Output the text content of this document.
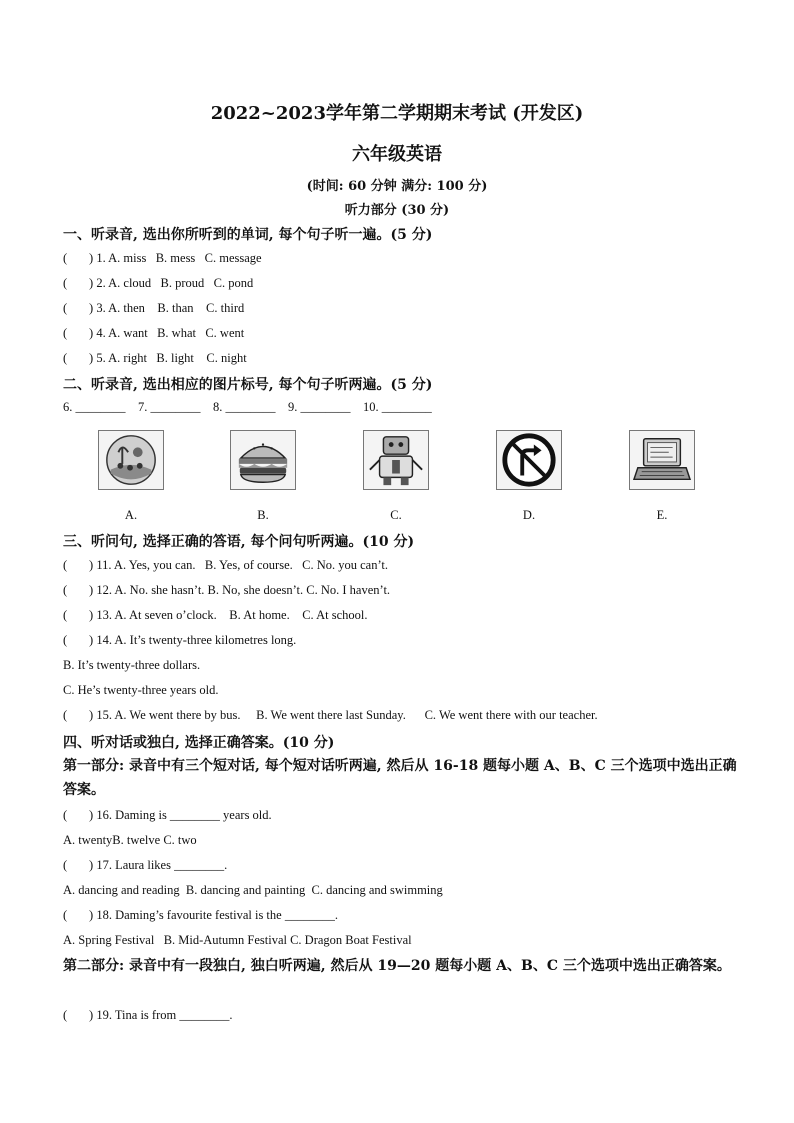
2022~2023学年第二学期期末考试 (开发区)
六年级英语
(时间: 60 分钟 满分: 100 分)
听力部分 (30 分)
一、听录音, 选出你所听到的单词, 每个句子听一遍。(5 分)
(       ) 1. A. miss   B. mess   C. message
(       ) 2. A. cloud   B. proud   C. pond
(       ) 3. A. then    B. than    C. third
(       ) 4. A. want   B. what   C. went
(       ) 5. A. right   B. light    C. night
二、听录音, 选出相应的图片标号, 每个句子听两遍。(5 分)
6. ________    7. ________    8. ________    9. ________    10. ________
A.	B.	C.	D.	E.
三、听问句, 选择正确的答语, 每个问句听两遍。(10 分)
(       ) 11. A. Yes, you can.   B. Yes, of course.   C. No. you can’t.
(       ) 12. A. No. she hasn’t. B. No, she doesn’t. C. No. I haven’t.
(       ) 13. A. At seven o’clock.    B. At home.    C. At school.
(       ) 14. A. It’s twenty-three kilometres long.
B. It’s twenty-three dollars.
C. He’s twenty-three years old.
(       ) 15. A. We went there by bus.     B. We went there last Sunday.      C. We went there with our teacher.
四、听对话或独白, 选择正确答案。(10 分)
第一部分: 录音中有三个短对话, 每个短对话听两遍, 然后从 16-18 题每小题 A、B、C 三个选项中选出正确答案。
(       ) 16. Daming is ________ years old.
A. twentyB. twelve C. two
(       ) 17. Laura likes ________.
A. dancing and reading  B. dancing and painting  C. dancing and swimming
(       ) 18. Daming’s favourite festival is the ________.
A. Spring Festival   B. Mid-Autumn Festival C. Dragon Boat Festival
第二部分: 录音中有一段独白, 独白听两遍, 然后从 19—20 题每小题 A、B、C 三个选项中选出正确答案。
(       ) 19. Tina is from ________.
